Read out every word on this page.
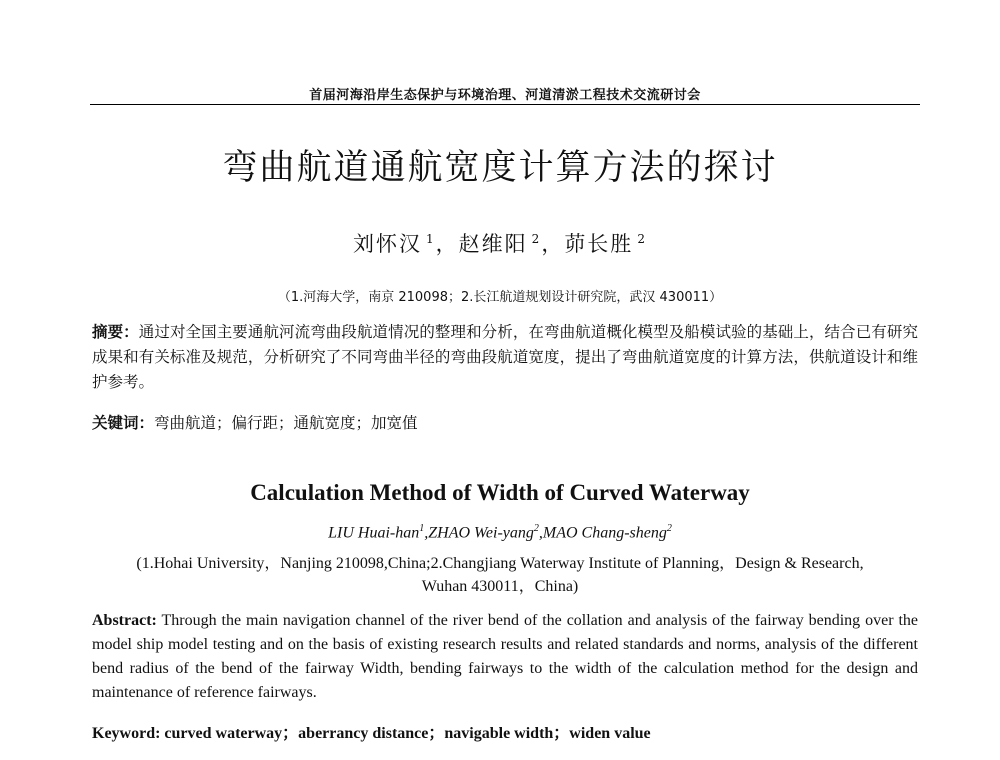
首届河海沿岸生态保护与环境治理、河道清淤工程技术交流研讨会
弯曲航道通航宽度计算方法的探讨
刘怀汉 $^1$，赵维阳 $^2$，茆长胜 $^2$
（1.河海大学，南京 210098；2.长江航道规划设计研究院，武汉 430011）
摘要：通过对全国主要通航河流弯曲段航道情况的整理和分析，在弯曲航道概化模型及船模试验的基础上，结合已有研究成果和有关标准及规范，分析研究了不同弯曲半径的弯曲段航道宽度，提出了弯曲航道宽度的计算方法，供航道设计和维护参考。
关键词：弯曲航道；偏行距；通航宽度；加宽值
Calculation Method of Width of Curved Waterway
LIU Huai-han$^1$,ZHAO Wei-yang$^2$,MAO Chang-sheng$^2$
(1.Hohai University，Nanjing 210098,China;2.Changjiang Waterway Institute of Planning，Design & Research,
Wuhan 430011，China)
Abstract: Through the main navigation channel of the river bend of the collation and analysis of the fairway bending over the model ship model testing and on the basis of existing research results and related standards and norms, analysis of the different bend radius of the bend of the fairway Width, bending fairways to the width of the calculation method for the design and maintenance of reference fairways.
Keyword: curved waterway；aberrancy distance；navigable width；widen value
